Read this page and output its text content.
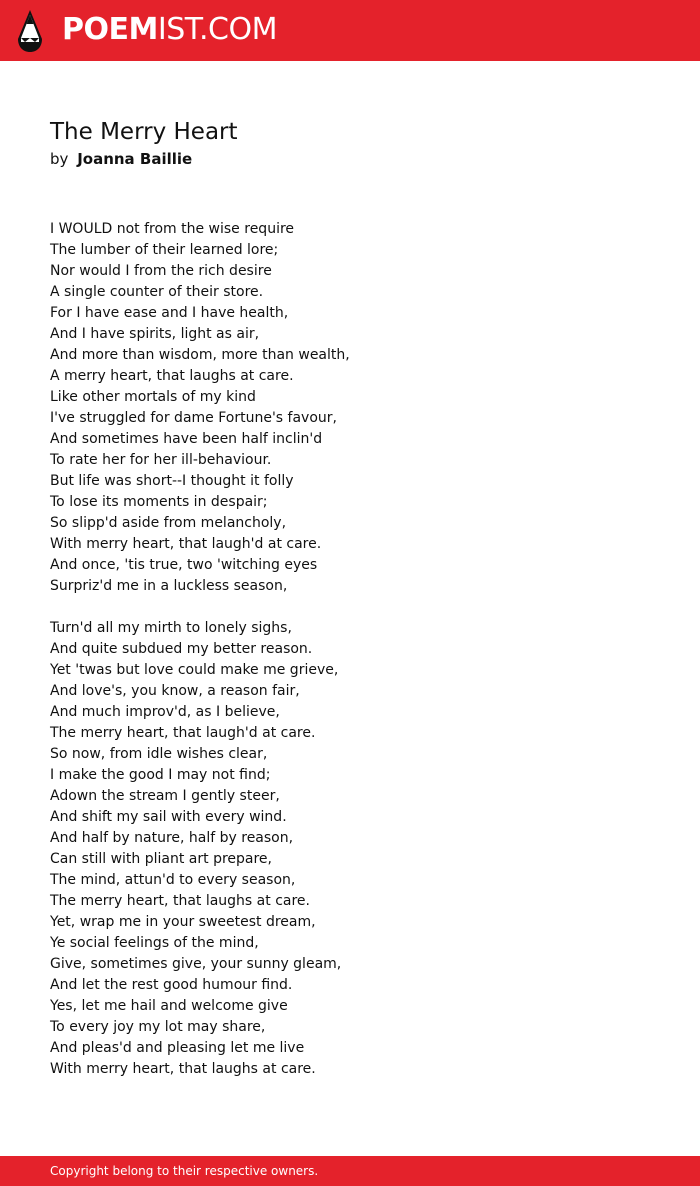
POEMIST.COM
The Merry Heart
by Joanna Baillie
I WOULD not from the wise require
The lumber of their learned lore;
Nor would I from the rich desire
A single counter of their store.
For I have ease and I have health,
And I have spirits, light as air,
And more than wisdom, more than wealth,
A merry heart, that laughs at care.
Like other mortals of my kind
I've struggled for dame Fortune's favour,
And sometimes have been half inclin'd
To rate her for her ill-behaviour.
But life was short--I thought it folly
To lose its moments in despair;
So slipp'd aside from melancholy,
With merry heart, that laugh'd at care.
And once, 'tis true, two 'witching eyes
Surpriz'd me in a luckless season,
Turn'd all my mirth to lonely sighs,
And quite subdued my better reason.
Yet 'twas but love could make me grieve,
And love's, you know, a reason fair,
And much improv'd, as I believe,
The merry heart, that laugh'd at care.
So now, from idle wishes clear,
I make the good I may not find;
Adown the stream I gently steer,
And shift my sail with every wind.
And half by nature, half by reason,
Can still with pliant art prepare,
The mind, attun'd to every season,
The merry heart, that laughs at care.
Yet, wrap me in your sweetest dream,
Ye social feelings of the mind,
Give, sometimes give, your sunny gleam,
And let the rest good humour find.
Yes, let me hail and welcome give
To every joy my lot may share,
And pleas'd and pleasing let me live
With merry heart, that laughs at care.
Copyright belong to their respective owners.
